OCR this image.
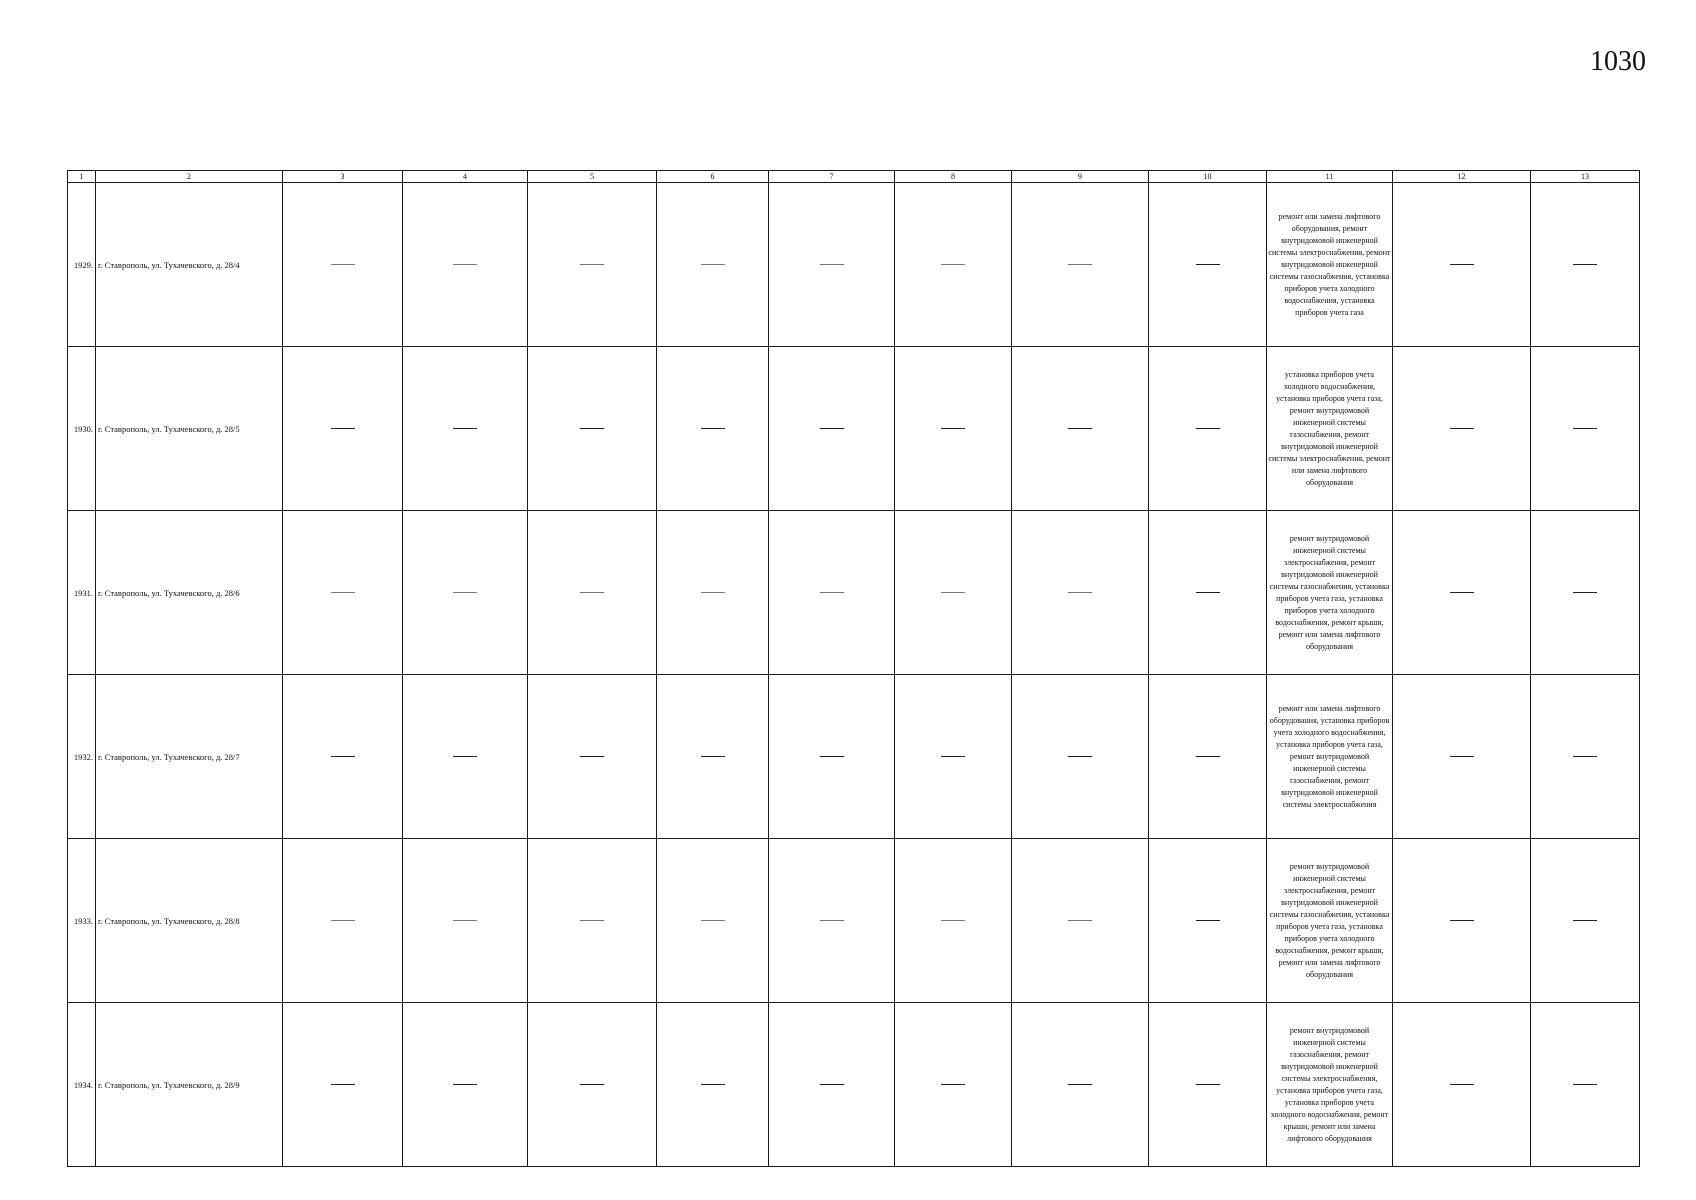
1030
1	2	3	4	5	6	7	8	9	10	11	12	13
1929.	г. Ставрополь, ул. Тухачевского, д. 28/4									ремонт или замена лифтового оборудования, ремонт внутридомовой инженерной системы электроснабжения, ремонт внутридомовой инженерной системы газоснабжения, установка приборов учета холодного водоснабжения, установка приборов учета газа		
1930.	г. Ставрополь, ул. Тухачевского, д. 28/5									установка приборов учета холодного водоснабжения, установка приборов учета газа, ремонт внутридомовой инженерной системы газоснабжения, ремонт внутридомовой инженерной системы электроснабжения, ремонт или замена лифтового оборудования		
1931.	г. Ставрополь, ул. Тухачевского, д. 28/6									ремонт внутридомовой инженерной системы электроснабжения, ремонт внутридомовой инженерной системы газоснабжения, установка приборов учета газа, установка приборов учета холодного водоснабжения, ремонт крыши, ремонт или замена лифтового оборудования		
1932.	г. Ставрополь, ул. Тухачевского, д. 28/7									ремонт или замена лифтового оборудования, установка приборов учета холодного водоснабжения, установка приборов учета газа, ремонт внутридомовой инженерной системы газоснабжения, ремонт внутридомовой инженерной системы электроснабжения		
1933.	г. Ставрополь, ул. Тухачевского, д. 28/8									ремонт внутридомовой инженерной системы электроснабжения, ремонт внутридомовой инженерной системы газоснабжения, установка приборов учета газа, установка приборов учета холодного водоснабжения, ремонт крыши, ремонт или замена лифтового оборудования		
1934.	г. Ставрополь, ул. Тухачевского, д. 28/9									ремонт внутридомовой инженерной системы газоснабжения, ремонт внутридомовой инженерной системы электроснабжения, установка приборов учета газа, установка приборов учета холодного водоснабжения, ремонт крыши, ремонт или замена лифтового оборудования		
